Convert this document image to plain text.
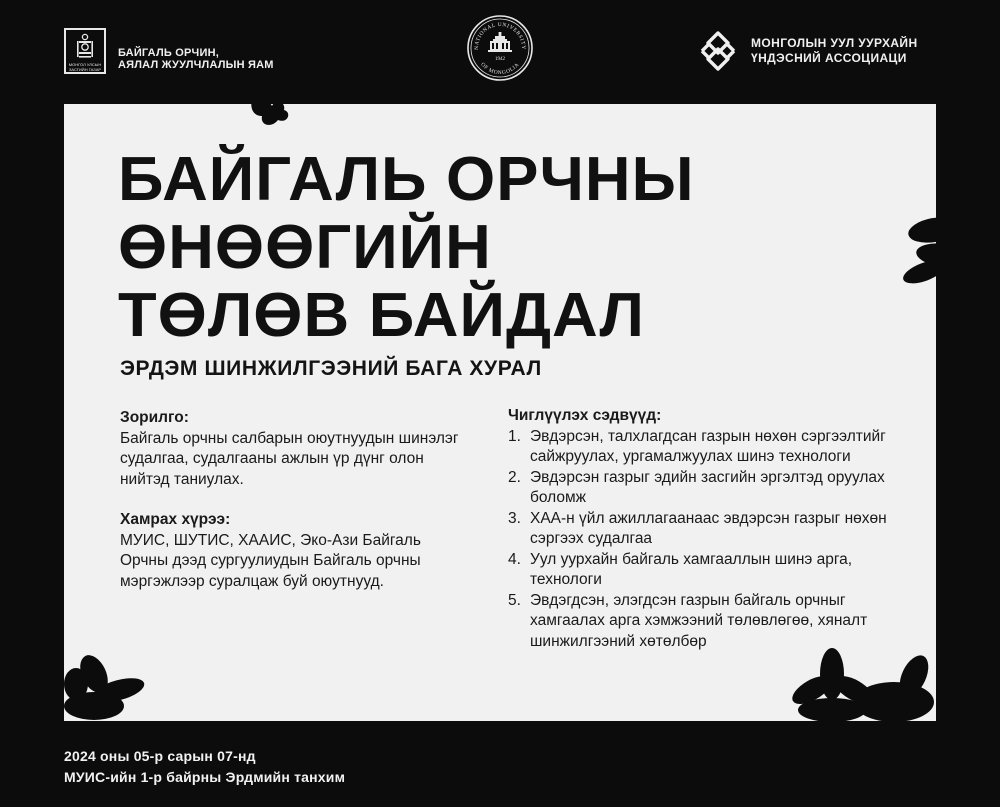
МОНГОЛ УЛСЫН
ЗАСГИЙН ГАЗАР
БАЙГАЛЬ ОРЧИН,
АЯЛАЛ ЖУУЛЧЛАЛЫН ЯАМ
NATIONAL UNIVERSITY
OF MONGOLIA
1942
МОНГОЛЫН УУЛ УУРХАЙН
ҮНДЭСНИЙ АССОЦИАЦИ
БАЙГАЛЬ ОРЧНЫ
ӨНӨӨГИЙН
ТӨЛӨВ БАЙДАЛ
ЭРДЭМ ШИНЖИЛГЭЭНИЙ БАГА ХУРАЛ
Зорилго:
Байгаль орчны салбарын оюутнуудын шинэлэг судалгаа, судалгааны ажлын үр дүнг олон нийтэд таниулах.
Хамрах хүрээ:
МУИС, ШУТИС, ХААИС, Эко-Ази Байгаль Орчны дээд сургуулиудын Байгаль орчны мэргэжлээр суралцаж буй оюутнууд.
Чиглүүлэх сэдвүүд:
1. Эвдэрсэн, талхлагдсан газрын нөхөн сэргээлтийг сайжруулах, ургамалжуулах шинэ технологи
2. Эвдэрсэн газрыг эдийн засгийн эргэлтэд оруулах боломж
3. ХАА-н үйл ажиллагаанаас эвдэрсэн газрыг нөхөн сэргээх судалгаа
4. Уул уурхайн байгаль хамгааллын шинэ арга, технологи
5. Эвдэгдсэн, элэгдсэн газрын байгаль орчныг хамгаалах арга хэмжээний төлөвлөгөө, хяналт шинжилгээний хөтөлбөр
2024 оны 05-р сарын 07-нд
МУИС-ийн 1-р байрны Эрдмийн танхим
